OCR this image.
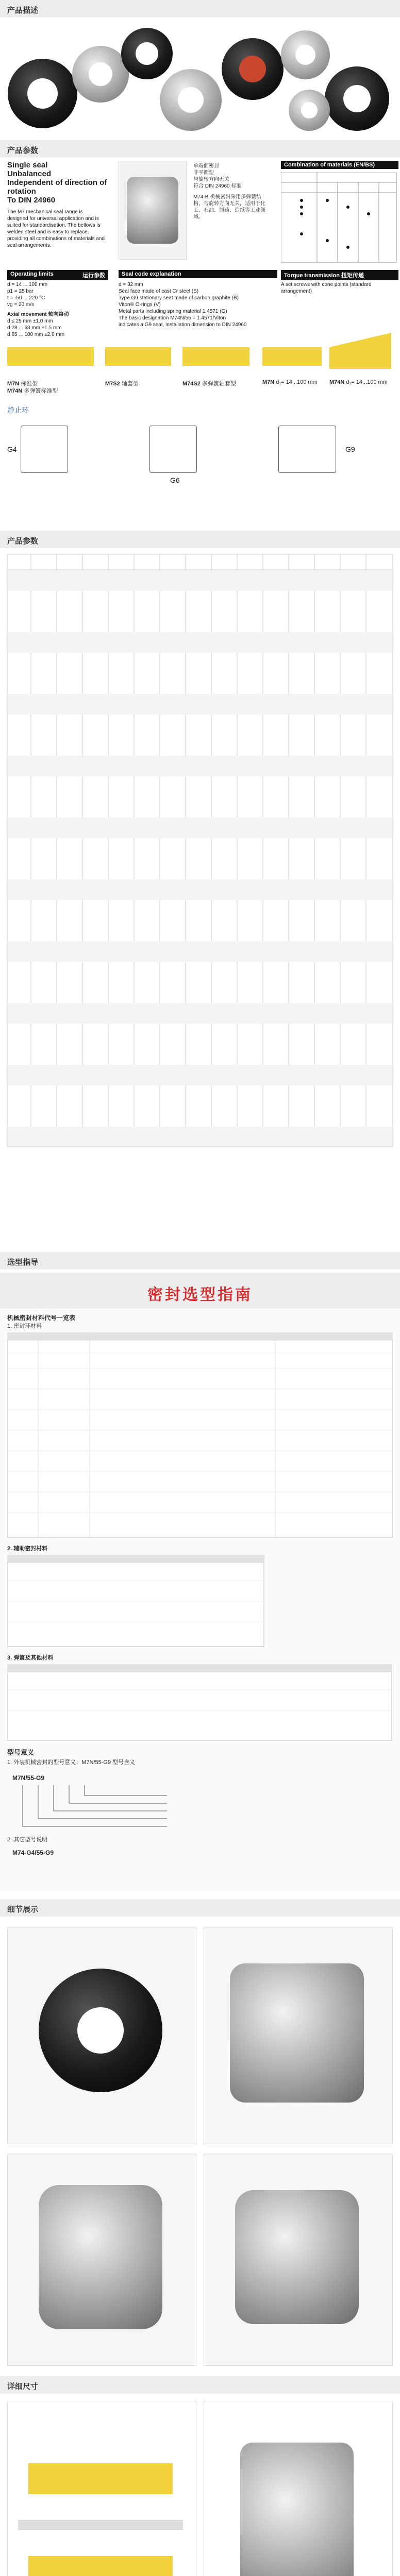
产品描述
产品参数
Single seal
Unbalanced
Independent of direction of rotation
To DIN 24960
The M7 mechanical seal range is designed for universal application and is suited for standardisation. The bellows is welded steel and is easy to replace, providing all combinations of materials and seal arrangements.
Operating limits	运行参数
d = 14 ... 100 mm
p1 = 25 bar
t = -50 ... 220 °C
vg = 20 m/s
Axial movement 轴向窜动
d ≤ 25 mm ±1.0 mm
d 28 ... 63 mm ±1.5 mm
d 65 ... 100 mm ±2.0 mm
单端面密封
非平衡型
与旋转方向无关
符合 DIN 24960 标准
M74-B 机械密封采用多弹簧结构，与旋转方向无关，适用于化工、石油、制药、造纸等工业领域。
Seal code explanation
d = 32 mm
Seal face made of cast Cr steel (S)
Type G9 stationary seat made of carbon graphite (B)
Viton® O-rings (V)
Metal parts including spring material 1.4571 (G)
The basic designation M74N/55 = 1.4571/Viton
indicates a G9 seat, installation dimension to DIN 24960
Combination of materials (EN/BS)
Torque transmission 扭矩传递
A set screws with cone points (standard arrangement)
M7N 标准型
M74N 多弹簧标准型
M7S2 轴套型	M74S2 多弹簧轴套型	M7N d₁= 14...100 mm M74N d₁= 14...100 mm
静止环
G4
G6
G9
产品参数
选型指导
密封选型指南
机械密封材料代号一览表
1. 密封环材料
2. 辅助密封材料
3. 弹簧及其他材料
型号意义
1. 外装机械密封的型号意义：M7N/55-G9 型号含义
M7N/55-G9
2. 其它型号说明
M74-G4/55-G9
细节展示
详细尺寸
